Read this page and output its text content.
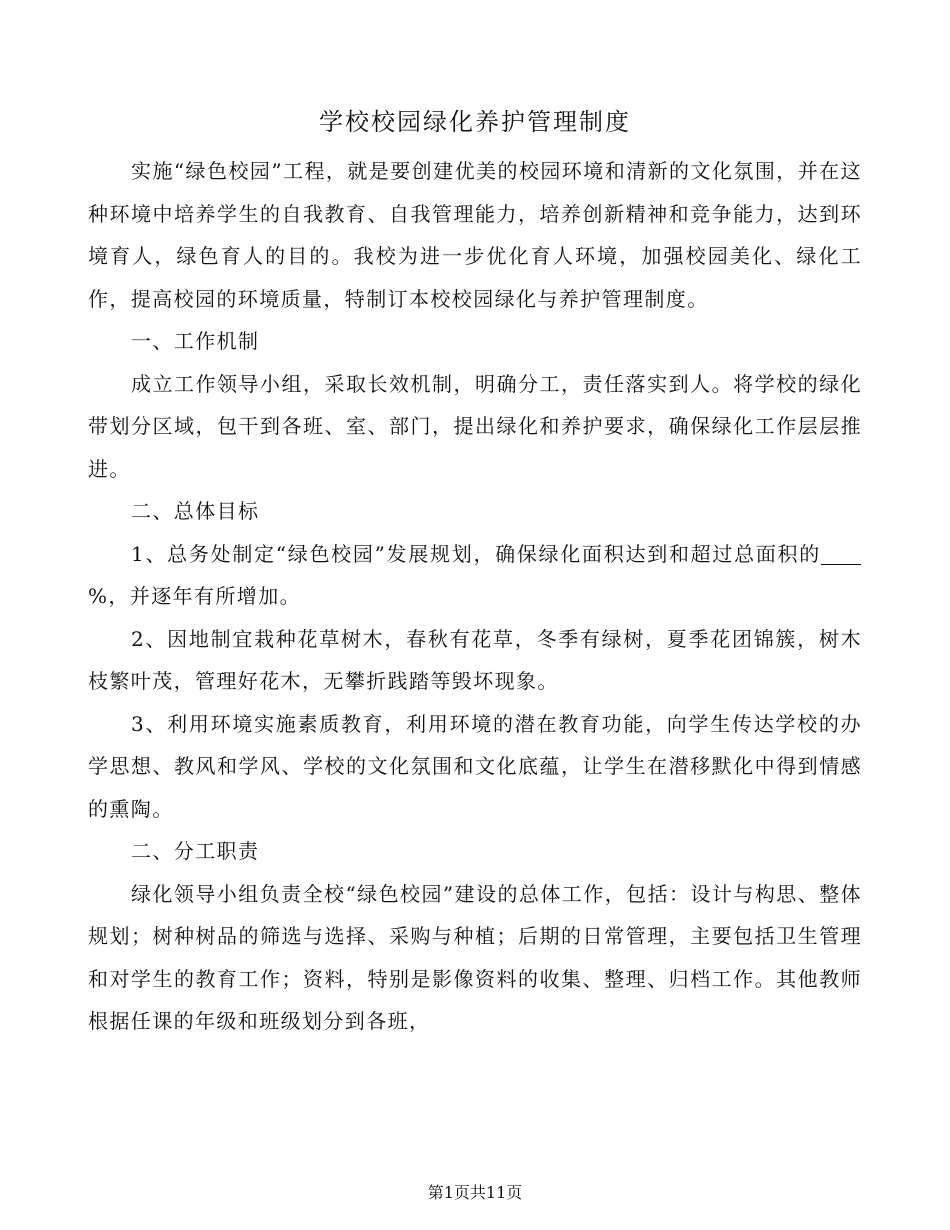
学校校园绿化养护管理制度

实施“绿色校园”工程，就是要创建优美的校园环境和清新的文化氛围，并在这种环境中培养学生的自我教育、自我管理能力，培养创新精神和竞争能力，达到环境育人，绿色育人的目的。我校为进一步优化育人环境，加强校园美化、绿化工作，提高校园的环境质量，特制订本校校园绿化与养护管理制度。

一、工作机制

成立工作领导小组，采取长效机制，明确分工，责任落实到人。将学校的绿化带划分区域，包干到各班、室、部门，提出绿化和养护要求，确保绿化工作层层推进。

二、总体目标

1、总务处制定“绿色校园”发展规划，确保绿化面积达到和超过总面积的%，并逐年有所增加。

2、因地制宜栽种花草树木，春秋有花草，冬季有绿树，夏季花团锦簇，树木枝繁叶茂，管理好花木，无攀折践踏等毁坏现象。

3、利用环境实施素质教育，利用环境的潜在教育功能，向学生传达学校的办学思想、教风和学风、学校的文化氛围和文化底蕴，让学生在潜移默化中得到情感的熏陶。

二、分工职责

绿化领导小组负责全校“绿色校园”建设的总体工作，包括：设计与构思、整体规划；树种树品的筛选与选择、采购与种植；后期的日常管理，主要包括卫生管理和对学生的教育工作；资料，特别是影像资料的收集、整理、归档工作。其他教师根据任课的年级和班级划分到各班，

第1页共11页
